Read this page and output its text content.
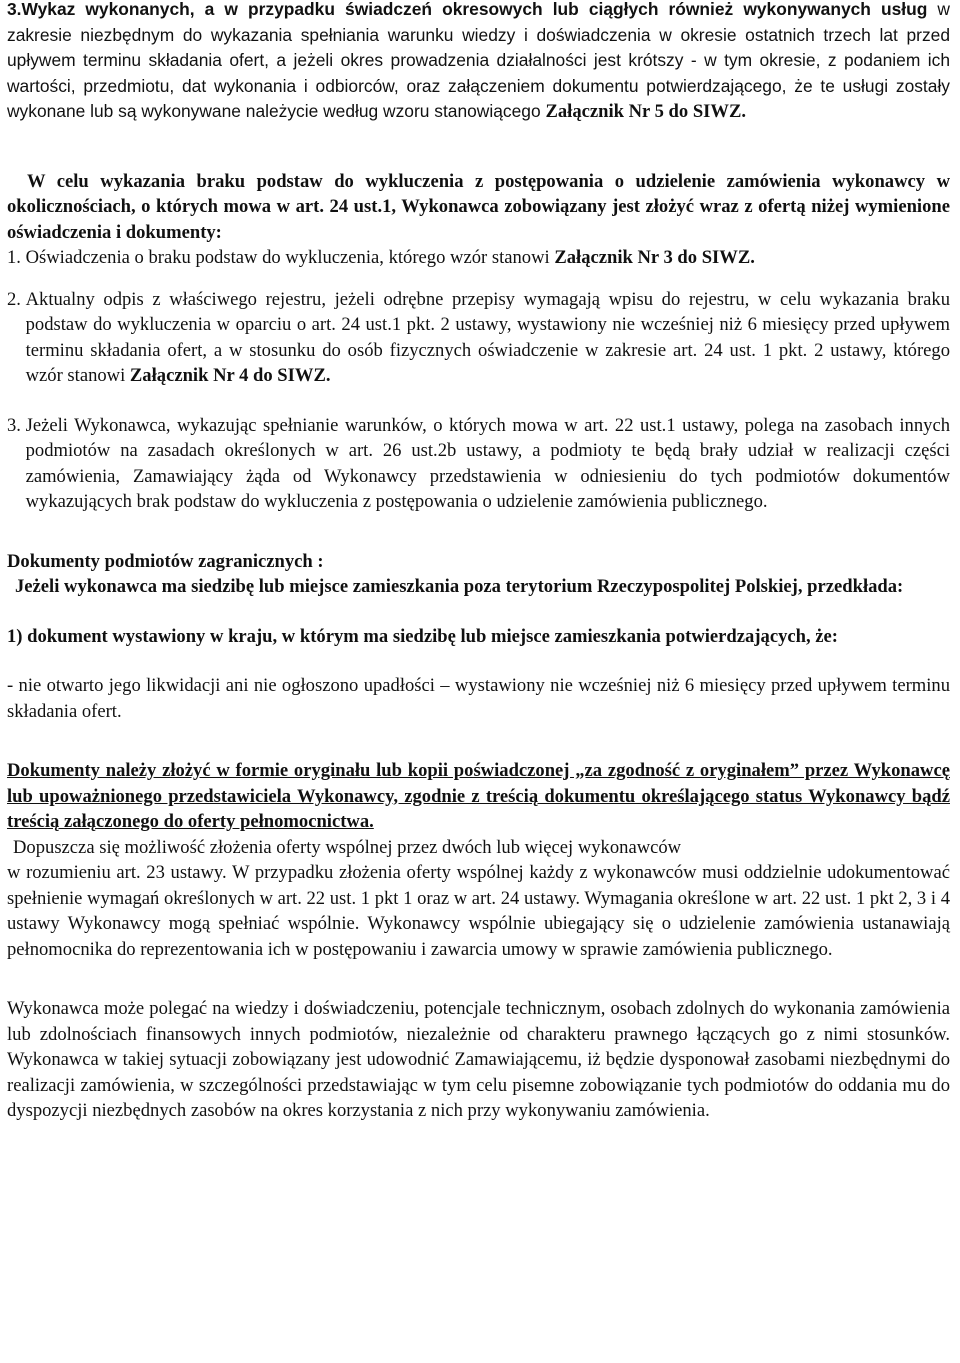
3.Wykaz wykonanych, a w przypadku świadczeń okresowych lub ciągłych również wykonywanych usług w zakresie niezbędnym do wykazania spełniania warunku wiedzy i doświadczenia w okresie ostatnich trzech lat przed upływem terminu składania ofert, a jeżeli okres prowadzenia działalności jest krótszy - w tym okresie, z podaniem ich wartości, przedmiotu, dat wykonania i odbiorców, oraz załączeniem dokumentu potwierdzającego, że te usługi zostały wykonane lub są wykonywane należycie według wzoru stanowiącego Załącznik Nr 5 do SIWZ.

W celu wykazania braku podstaw do wykluczenia z postępowania o udzielenie zamówienia wykonawcy w okolicznościach, o których mowa w art. 24 ust.1, Wykonawca zobowiązany jest złożyć wraz z ofertą niżej wymienione oświadczenia i dokumenty:

1. Oświadczenia o braku podstaw do wykluczenia, którego wzór stanowi Załącznik Nr 3 do SIWZ.
2. Aktualny odpis z właściwego rejestru, jeżeli odrębne przepisy wymagają wpisu do rejestru, w celu wykazania braku podstaw do wykluczenia w oparciu o art. 24 ust.1 pkt. 2 ustawy, wystawiony nie wcześniej niż 6 miesięcy przed upływem terminu składania ofert, a w stosunku do osób fizycznych oświadczenie w zakresie art. 24 ust. 1 pkt. 2 ustawy, którego wzór stanowi Załącznik Nr 4 do SIWZ.
3. Jeżeli Wykonawca, wykazując spełnianie warunków, o których mowa w art. 22 ust.1 ustawy, polega na zasobach innych podmiotów na zasadach określonych w art. 26 ust.2b ustawy, a podmioty te będą brały udział w realizacji części zamówienia, Zamawiający żąda od Wykonawcy przedstawienia w odniesieniu do tych podmiotów dokumentów wykazujących brak podstaw do wykluczenia z postępowania o udzielenie zamówienia publicznego.

Dokumenty podmiotów zagranicznych :

Jeżeli wykonawca ma siedzibę lub miejsce zamieszkania poza terytorium Rzeczypospolitej Polskiej, przedkłada:

1) dokument wystawiony w kraju, w którym ma siedzibę lub miejsce zamieszkania potwierdzających, że:

- nie otwarto jego likwidacji ani nie ogłoszono upadłości – wystawiony nie wcześniej niż 6 miesięcy przed upływem terminu składania ofert.

Dokumenty należy złożyć w formie oryginału lub kopii poświadczonej „za zgodność z oryginałem” przez Wykonawcę lub upoważnionego przedstawiciela Wykonawcy, zgodnie z treścią dokumentu określającego status Wykonawcy bądź treścią załączonego do oferty pełnomocnictwa.

Dopuszcza się możliwość złożenia oferty wspólnej przez dwóch lub więcej wykonawców
w rozumieniu art. 23 ustawy. W przypadku złożenia oferty wspólnej każdy z wykonawców musi oddzielnie udokumentować spełnienie wymagań określonych w art. 22 ust. 1 pkt 1 oraz w art. 24 ustawy. Wymagania określone w art. 22 ust. 1 pkt 2, 3 i 4 ustawy Wykonawcy mogą spełniać wspólnie. Wykonawcy wspólnie ubiegający się o udzielenie zamówienia ustanawiają pełnomocnika do reprezentowania ich w postępowaniu i zawarcia umowy w sprawie zamówienia publicznego.

Wykonawca może polegać na wiedzy i doświadczeniu, potencjale technicznym, osobach zdolnych do wykonania zamówienia lub zdolnościach finansowych innych podmiotów, niezależnie od charakteru prawnego łączących go z nimi stosunków. Wykonawca w takiej sytuacji zobowiązany jest udowodnić Zamawiającemu, iż będzie dysponował zasobami niezbędnymi do realizacji zamówienia, w szczególności przedstawiając w tym celu pisemne zobowiązanie tych podmiotów do oddania mu do dyspozycji niezbędnych zasobów na okres korzystania z nich przy wykonywaniu zamówienia.
